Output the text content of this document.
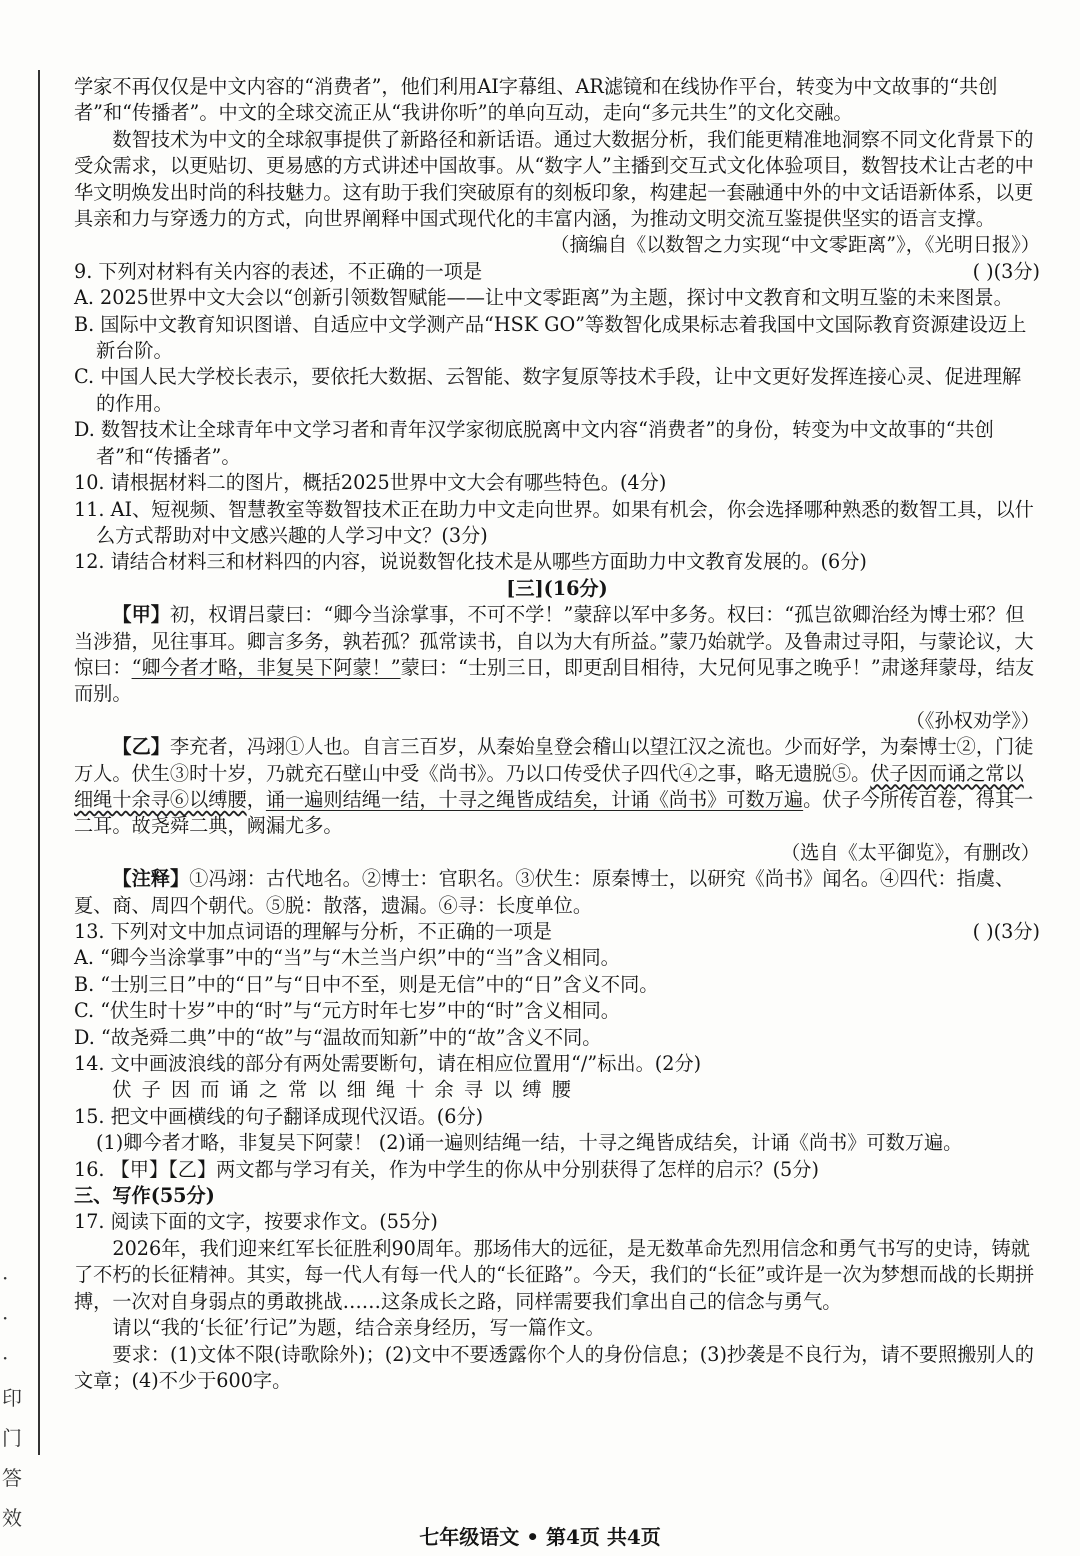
·
·
·
印
门
答
效

学家不再仅仅是中文内容的“消费者”，他们利用AI字幕组、AR滤镜和在线协作平台，转变为中文故事的“共创者”和“传播者”。中文的全球交流正从“我讲你听”的单向互动，走向“多元共生”的文化交融。

数智技术为中文的全球叙事提供了新路径和新话语。通过大数据分析，我们能更精准地洞察不同文化背景下的受众需求，以更贴切、更易感的方式讲述中国故事。从“数字人”主播到交互式文化体验项目，数智技术让古老的中华文明焕发出时尚的科技魅力。这有助于我们突破原有的刻板印象，构建起一套融通中外的中文话语新体系，以更具亲和力与穿透力的方式，向世界阐释中国式现代化的丰富内涵，为推动文明交流互鉴提供坚实的语言支撑。

（摘编自《以数智之力实现“中文零距离”》，《光明日报》）

9. 下列对材料有关内容的表述，不正确的一项是	( )(3分)

A. 2025世界中文大会以“创新引领数智赋能——让中文零距离”为主题，探讨中文教育和文明互鉴的未来图景。

B. 国际中文教育知识图谱、自适应中文学测产品“HSK GO”等数智化成果标志着我国中文国际教育资源建设迈上新台阶。

C. 中国人民大学校长表示，要依托大数据、云智能、数字复原等技术手段，让中文更好发挥连接心灵、促进理解的作用。

D. 数智技术让全球青年中文学习者和青年汉学家彻底脱离中文内容“消费者”的身份，转变为中文故事的“共创者”和“传播者”。

10. 请根据材料二的图片，概括2025世界中文大会有哪些特色。(4分)

11. AI、短视频、智慧教室等数智技术正在助力中文走向世界。如果有机会，你会选择哪种熟悉的数智工具，以什么方式帮助对中文感兴趣的人学习中文？(3分)

12. 请结合材料三和材料四的内容，说说数智化技术是从哪些方面助力中文教育发展的。(6分)

[三](16分)

【甲】初，权谓吕蒙曰：“卿今当涂掌事，不可不学！”蒙辞以军中多务。权曰：“孤岂欲卿治经为博士邪？但当涉猎，见往事耳。卿言多务，孰若孤？孤常读书，自以为大有所益。”蒙乃始就学。及鲁肃过寻阳，与蒙论议，大惊曰：“卿今者才略，非复吴下阿蒙！”蒙曰：“士别三日，即更刮目相待，大兄何见事之晚乎！”肃遂拜蒙母，结友而别。

（《孙权劝学》）

【乙】李充者，冯翊①人也。自言三百岁，从秦始皇登会稽山以望江汉之流也。少而好学，为秦博士②，门徒万人。伏生③时十岁，乃就充石壁山中受《尚书》。乃以口传受伏子四代④之事，略无遗脱⑤。伏子因而诵之常以细绳十余寻⑥以缚腰，诵一遍则结绳一结，十寻之绳皆成结矣，计诵《尚书》可数万遍。伏子今所传百卷，得其一二耳。故尧舜二典，阙漏尤多。

（选自《太平御览》，有删改）

【注释】①冯翊：古代地名。②博士：官职名。③伏生：原秦博士，以研究《尚书》闻名。④四代：指虞、夏、商、周四个朝代。⑤脱：散落，遗漏。⑥寻：长度单位。

13. 下列对文中加点词语的理解与分析，不正确的一项是	( )(3分)

A. “卿今当涂掌事”中的“当”与“木兰当户织”中的“当”含义相同。

B. “士别三日”中的“日”与“日中不至，则是无信”中的“日”含义不同。

C. “伏生时十岁”中的“时”与“元方时年七岁”中的“时”含义相同。

D. “故尧舜二典”中的“故”与“温故而知新”中的“故”含义不同。

14. 文中画波浪线的部分有两处需要断句，请在相应位置用“/”标出。(2分)

伏 子 因 而 诵 之 常 以 细 绳 十 余 寻 以 缚 腰

15. 把文中画横线的句子翻译成现代汉语。(6分)

(1)卿今者才略，非复吴下阿蒙！ (2)诵一遍则结绳一结，十寻之绳皆成结矣，计诵《尚书》可数万遍。

16. 【甲】【乙】两文都与学习有关，作为中学生的你从中分别获得了怎样的启示？(5分)

三、写作(55分)

17. 阅读下面的文字，按要求作文。(55分)

2026年，我们迎来红军长征胜利90周年。那场伟大的远征，是无数革命先烈用信念和勇气书写的史诗，铸就了不朽的长征精神。其实，每一代人有每一代人的“长征路”。今天，我们的“长征”或许是一次为梦想而战的长期拼搏，一次对自身弱点的勇敢挑战……这条成长之路，同样需要我们拿出自己的信念与勇气。

请以“我的‘长征’行记”为题，结合亲身经历，写一篇作文。

要求：(1)文体不限(诗歌除外)；(2)文中不要透露你个人的身份信息；(3)抄袭是不良行为，请不要照搬别人的文章；(4)不少于600字。

七年级语文 • 第4页 共4页
